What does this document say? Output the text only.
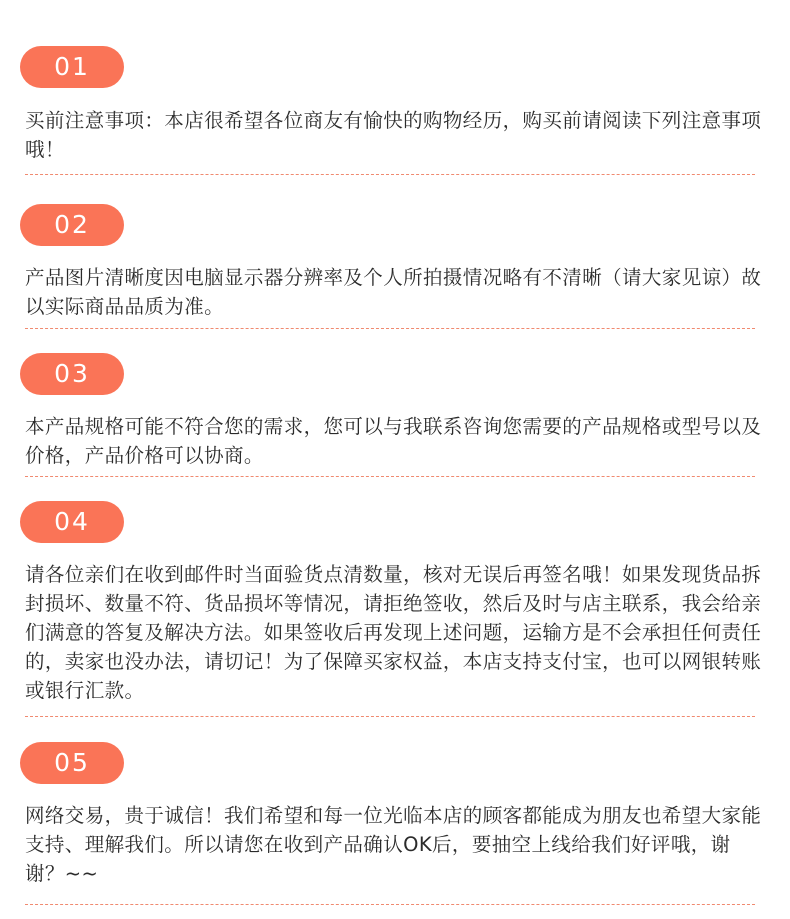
01

买前注意事项：本店很希望各位商友有愉快的购物经历，购买前请阅读下列注意事项哦！

02

产品图片清晰度因电脑显示器分辨率及个人所拍摄情况略有不清晰（请大家见谅）故以实际商品品质为准。

03

本产品规格可能不符合您的需求，您可以与我联系咨询您需要的产品规格或型号以及价格，产品价格可以协商。

04

请各位亲们在收到邮件时当面验货点清数量，核对无误后再签名哦！如果发现货品拆封损坏、数量不符、货品损坏等情况，请拒绝签收，然后及时与店主联系，我会给亲们满意的答复及解决方法。如果签收后再发现上述问题，运输方是不会承担任何责任的，卖家也没办法，请切记！为了保障买家权益，本店支持支付宝，也可以网银转账或银行汇款。

05

网络交易，贵于诚信！我们希望和每一位光临本店的顾客都能成为朋友也希望大家能支持、理解我们。所以请您在收到产品确认OK后，要抽空上线给我们好评哦，谢谢？~~
